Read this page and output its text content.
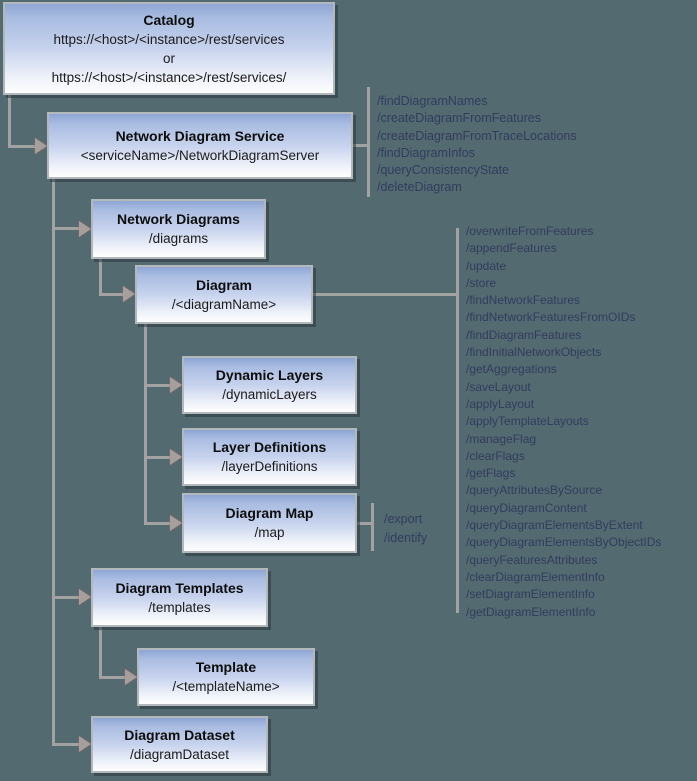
Catalog
https://<host>/<instance>/rest/services
or
https://<host>/<instance>/rest/services/
Network Diagram Service
<serviceName>/NetworkDiagramServer
Network Diagrams
/diagrams
Diagram
/<diagramName>
Dynamic Layers
/dynamicLayers
Layer Definitions
/layerDefinitions
Diagram Map
/map
Diagram Templates
/templates
Template
/<templateName>
Diagram Dataset
/diagramDataset
/findDiagramNames
/createDiagramFromFeatures
/createDiagramFromTraceLocations
/findDiagramInfos
/queryConsistencyState
/deleteDiagram
/overwriteFromFeatures
/appendFeatures
/update
/store
/findNetworkFeatures
/findNetworkFeaturesFromOIDs
/findDiagramFeatures
/findInitialNetworkObjects
/getAggregations
/saveLayout
/applyLayout
/applyTemplateLayouts
/manageFlag
/clearFlags
/getFlags
/queryAttributesBySource
/queryDiagramContent
/queryDiagramElementsByExtent
/queryDiagramElementsByObjectIDs
/queryFeaturesAttributes
/clearDiagramElementInfo
/setDiagramElementInfo
/getDiagramElementInfo
/export
/identify
